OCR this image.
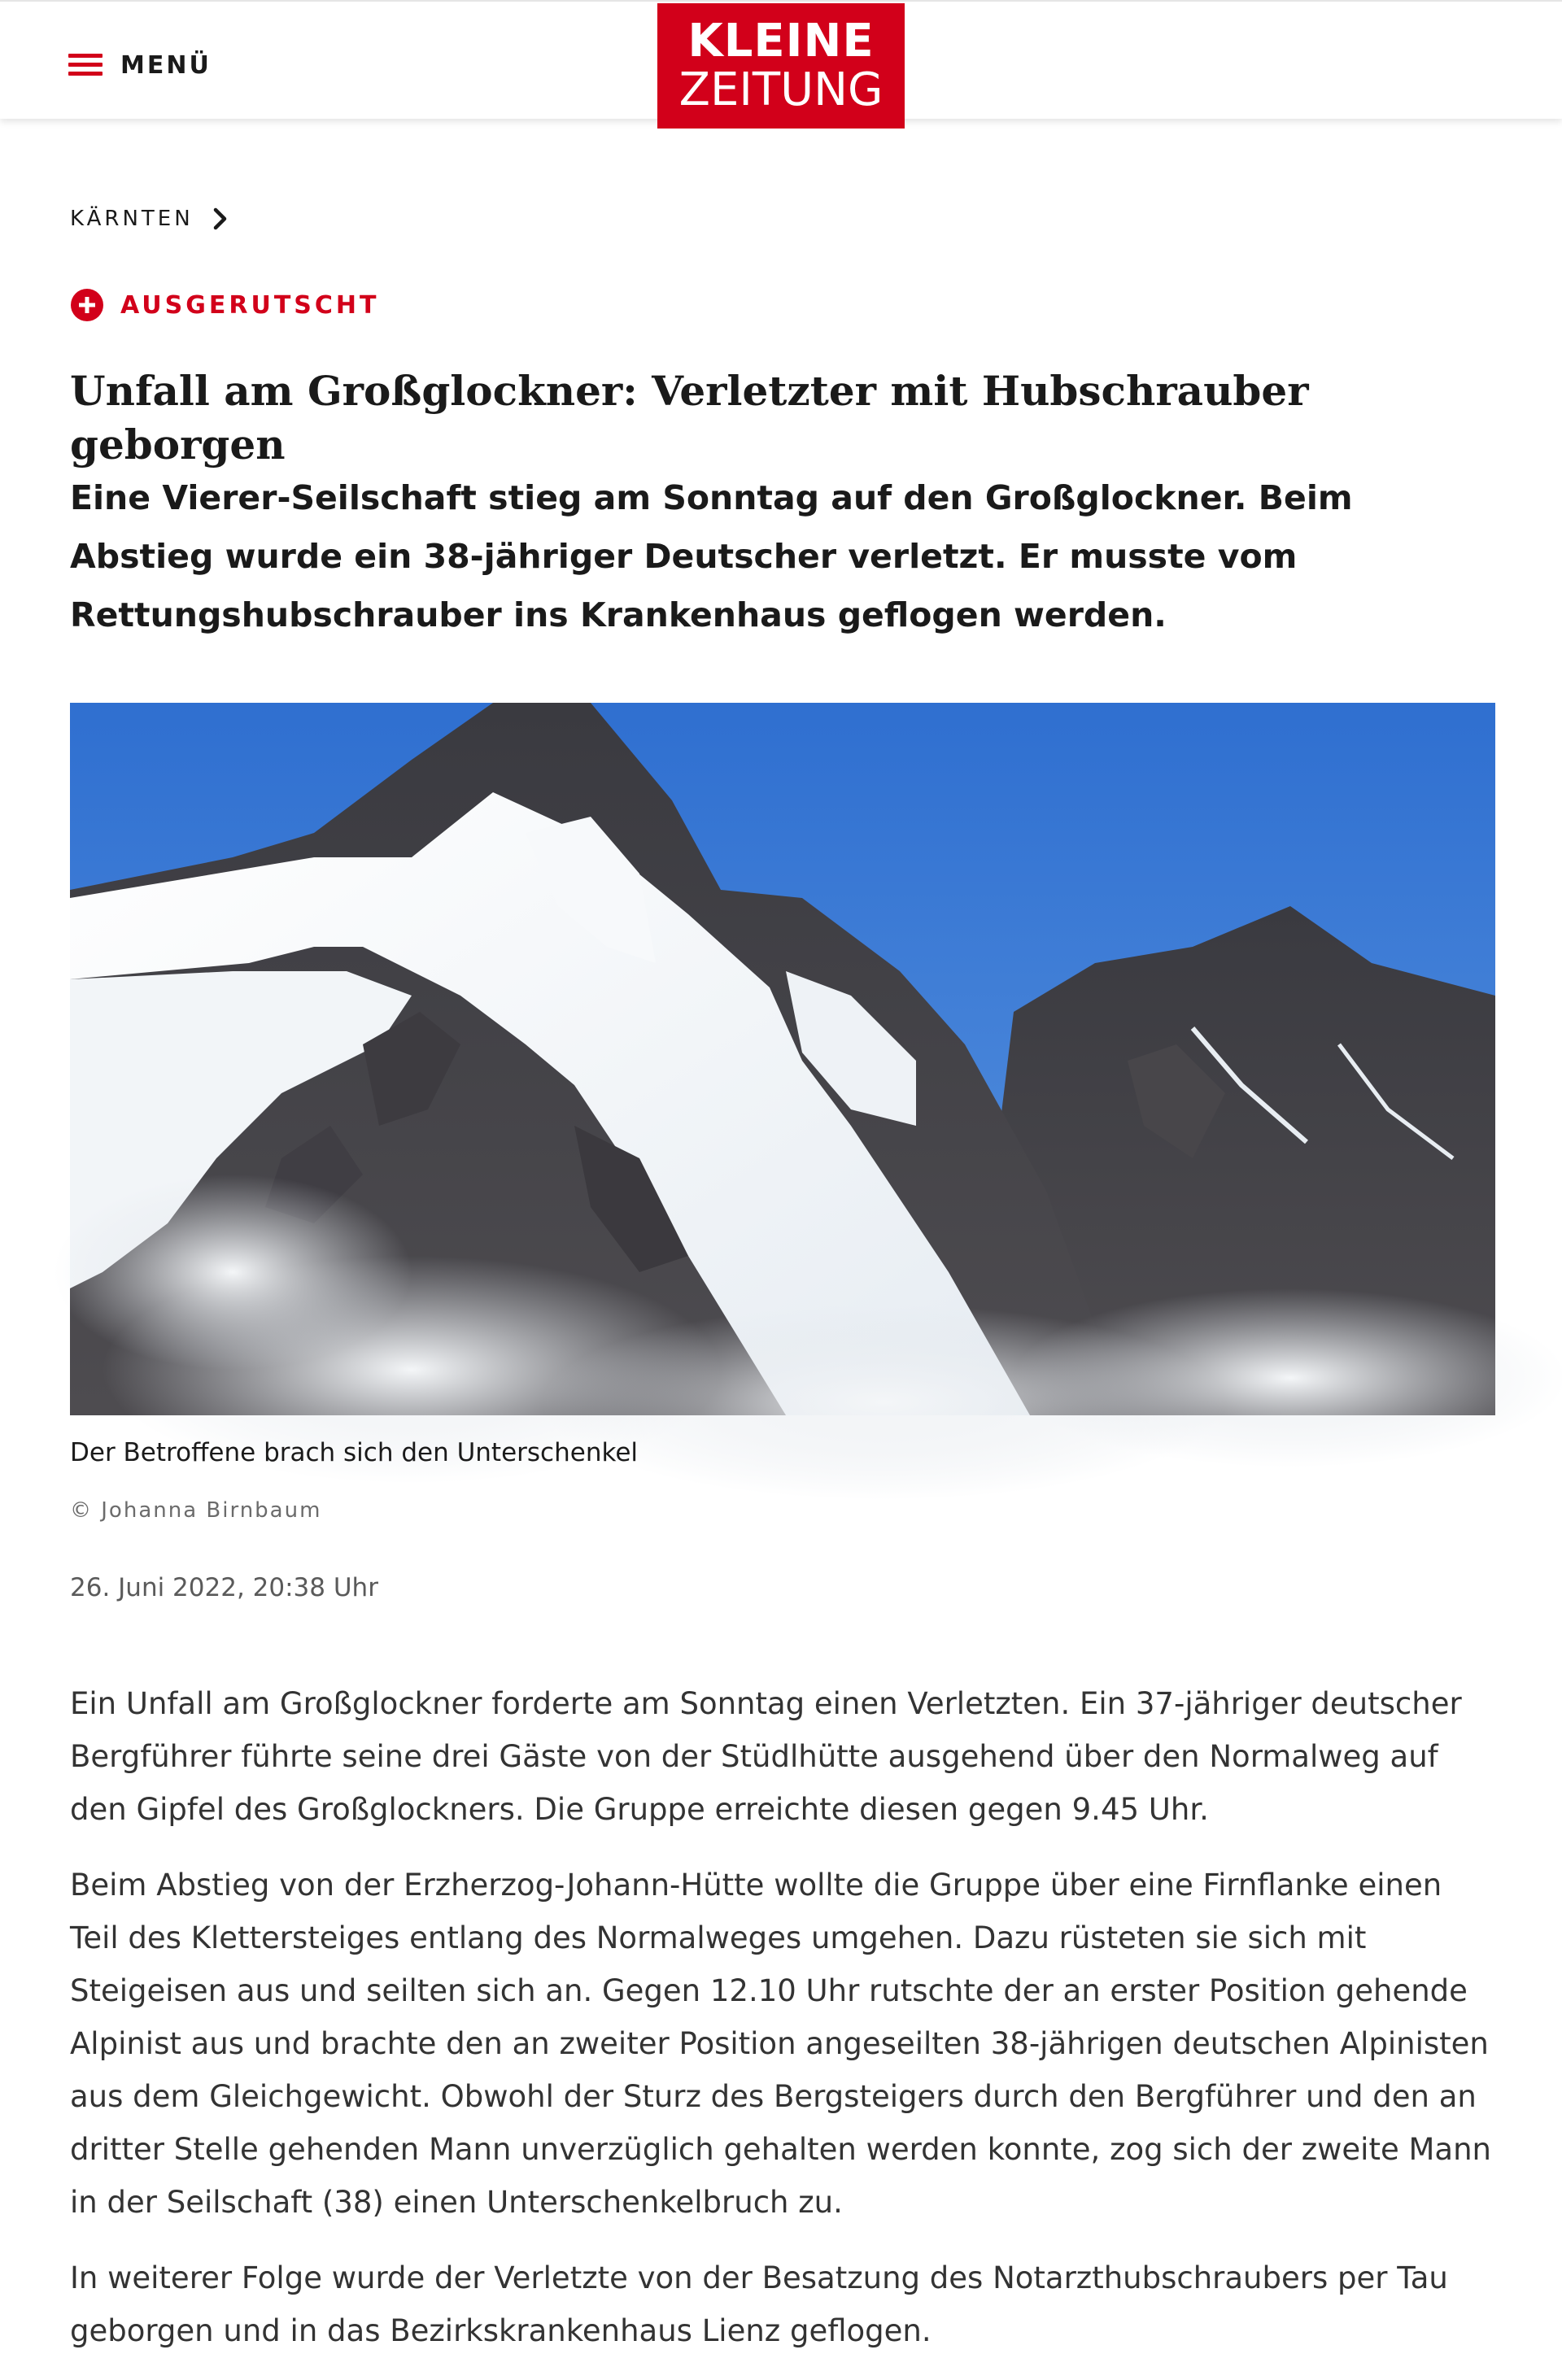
MENÜ	KLEINE
ZEITUNG
KÄRNTEN
AUSGERUTSCHT
Unfall am Großglockner: Verletzter mit Hubschrauber geborgen

Eine Vierer-Seilschaft stieg am Sonntag auf den Großglockner. Beim Abstieg wurde ein 38-jähriger Deutscher verletzt. Er musste vom Rettungshubschrauber ins Krankenhaus geflogen werden.

Der Betroffene brach sich den Unterschenkel

© Johanna Birnbaum

26. Juni 2022, 20:38 Uhr

Ein Unfall am Großglockner forderte am Sonntag einen Verletzten. Ein 37-jähriger deutscher Bergführer führte seine drei Gäste von der Stüdlhütte ausgehend über den Normalweg auf den Gipfel des Großglockners. Die Gruppe erreichte diesen gegen 9.45 Uhr.

Beim Abstieg von der Erzherzog-Johann-Hütte wollte die Gruppe über eine Firnflanke einen Teil des Klettersteiges entlang des Normalweges umgehen. Dazu rüsteten sie sich mit Steigeisen aus und seilten sich an. Gegen 12.10 Uhr rutschte der an erster Position gehende Alpinist aus und brachte den an zweiter Position angeseilten 38-jährigen deutschen Alpinisten aus dem Gleichgewicht. Obwohl der Sturz des Bergsteigers durch den Bergführer und den an dritter Stelle gehenden Mann unverzüglich gehalten werden konnte, zog sich der zweite Mann in der Seilschaft (38) einen Unterschenkelbruch zu.

In weiterer Folge wurde der Verletzte von der Besatzung des Notarzthubschraubers per Tau geborgen und in das Bezirkskrankenhaus Lienz geflogen.
